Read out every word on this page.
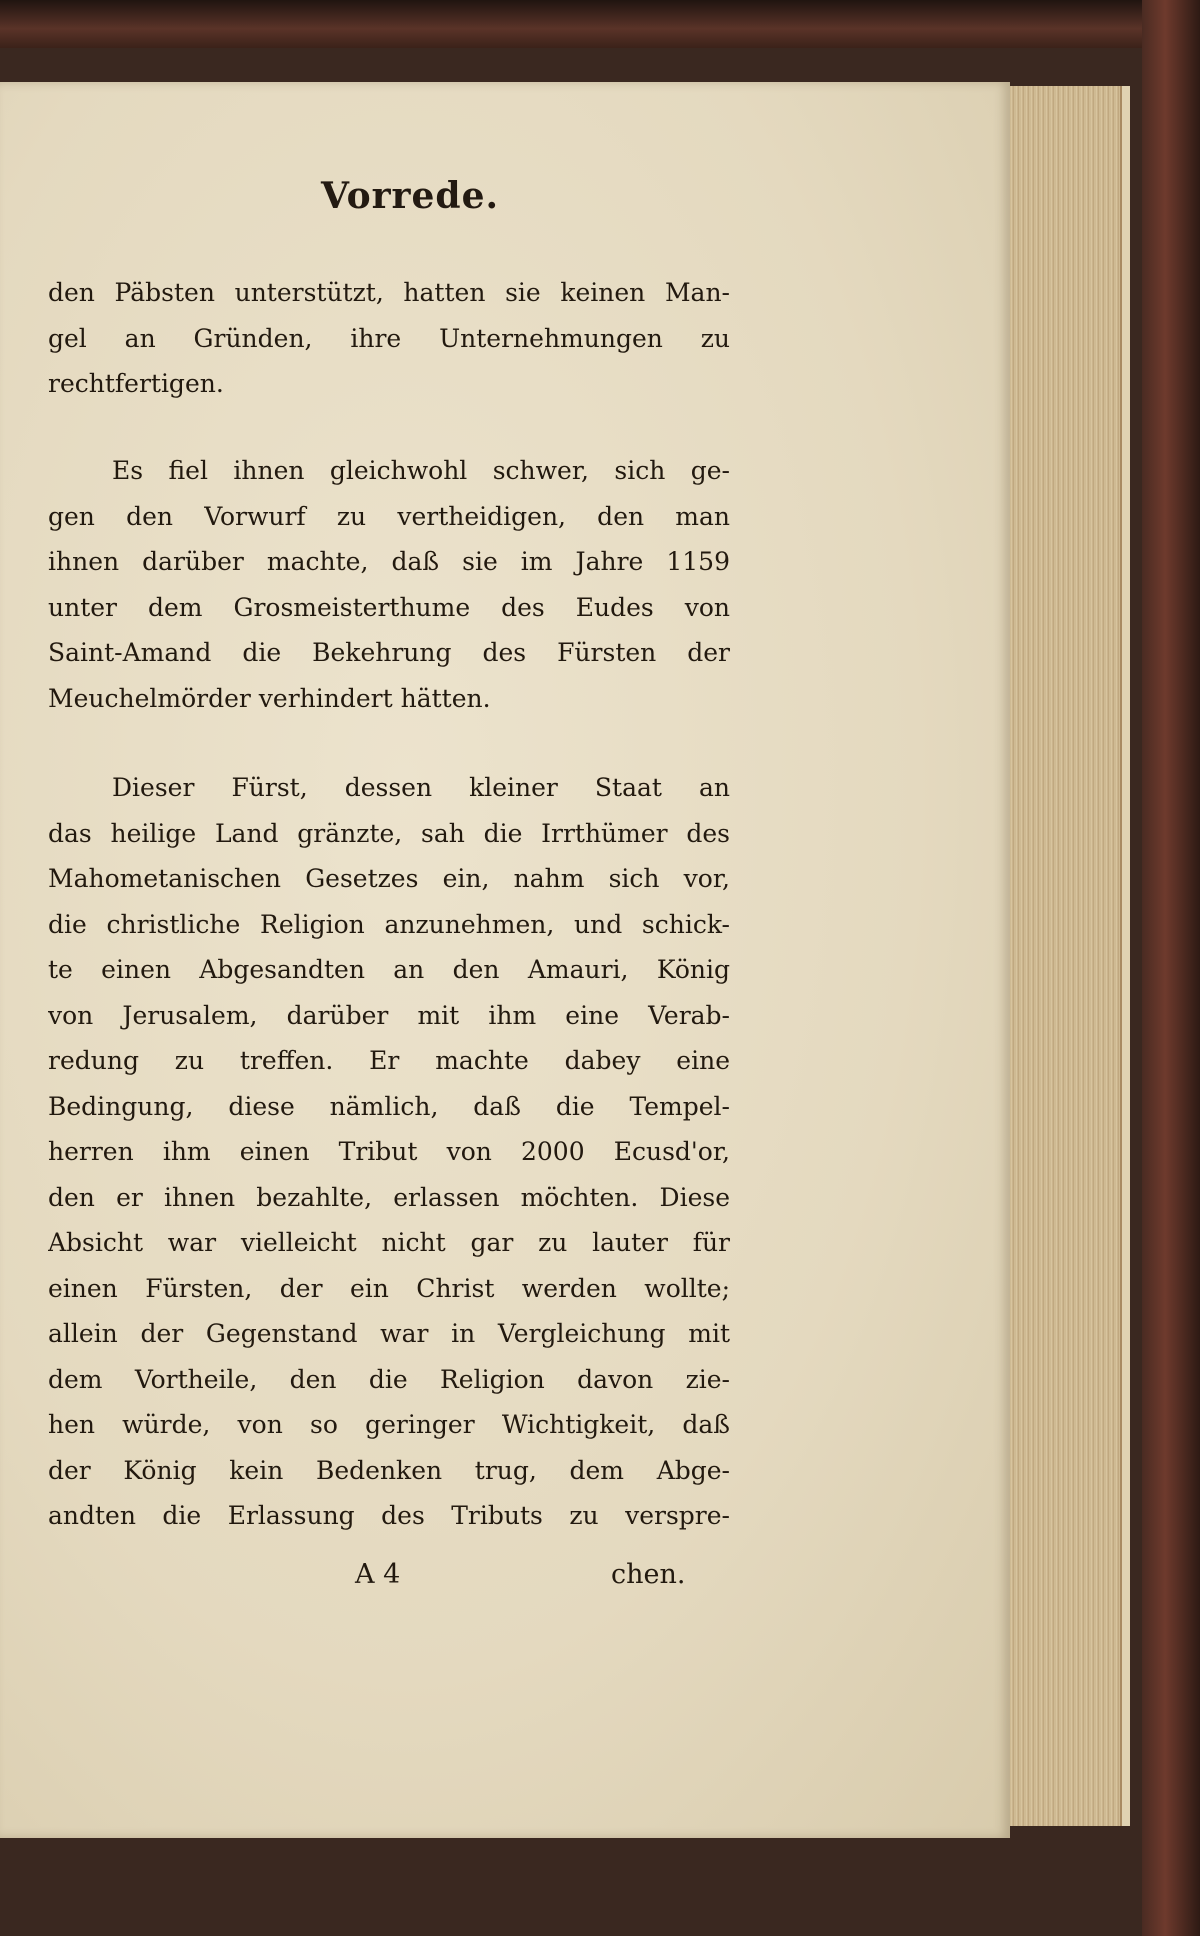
Vorrede.
den Päbsten unterstützt, hatten sie keinen Man-
gel an Gründen, ihre Unternehmungen zu
rechtfertigen.
Es fiel ihnen gleichwohl schwer, sich ge-
gen den Vorwurf zu vertheidigen, den man
ihnen darüber machte, daß sie im Jahre 1159
unter dem Grosmeisterthume des Eudes von
Saint-Amand die Bekehrung des Fürsten der
Meuchelmörder verhindert hätten.
Dieser Fürst, dessen kleiner Staat an
das heilige Land gränzte, sah die Irrthümer des
Mahometanischen Gesetzes ein, nahm sich vor,
die christliche Religion anzunehmen, und schick-
te einen Abgesandten an den Amauri, König
von Jerusalem, darüber mit ihm eine Verab-
redung zu treffen. Er machte dabey eine
Bedingung, diese nämlich, daß die Tempel-
herren ihm einen Tribut von 2000 Ecusd'or,
den er ihnen bezahlte, erlassen möchten. Diese
Absicht war vielleicht nicht gar zu lauter für
einen Fürsten, der ein Christ werden wollte;
allein der Gegenstand war in Vergleichung mit
dem Vortheile, den die Religion davon zie-
hen würde, von so geringer Wichtigkeit, daß
der König kein Bedenken trug, dem Abge-
andten die Erlassung des Tributs zu verspre-
A 4	chen.
